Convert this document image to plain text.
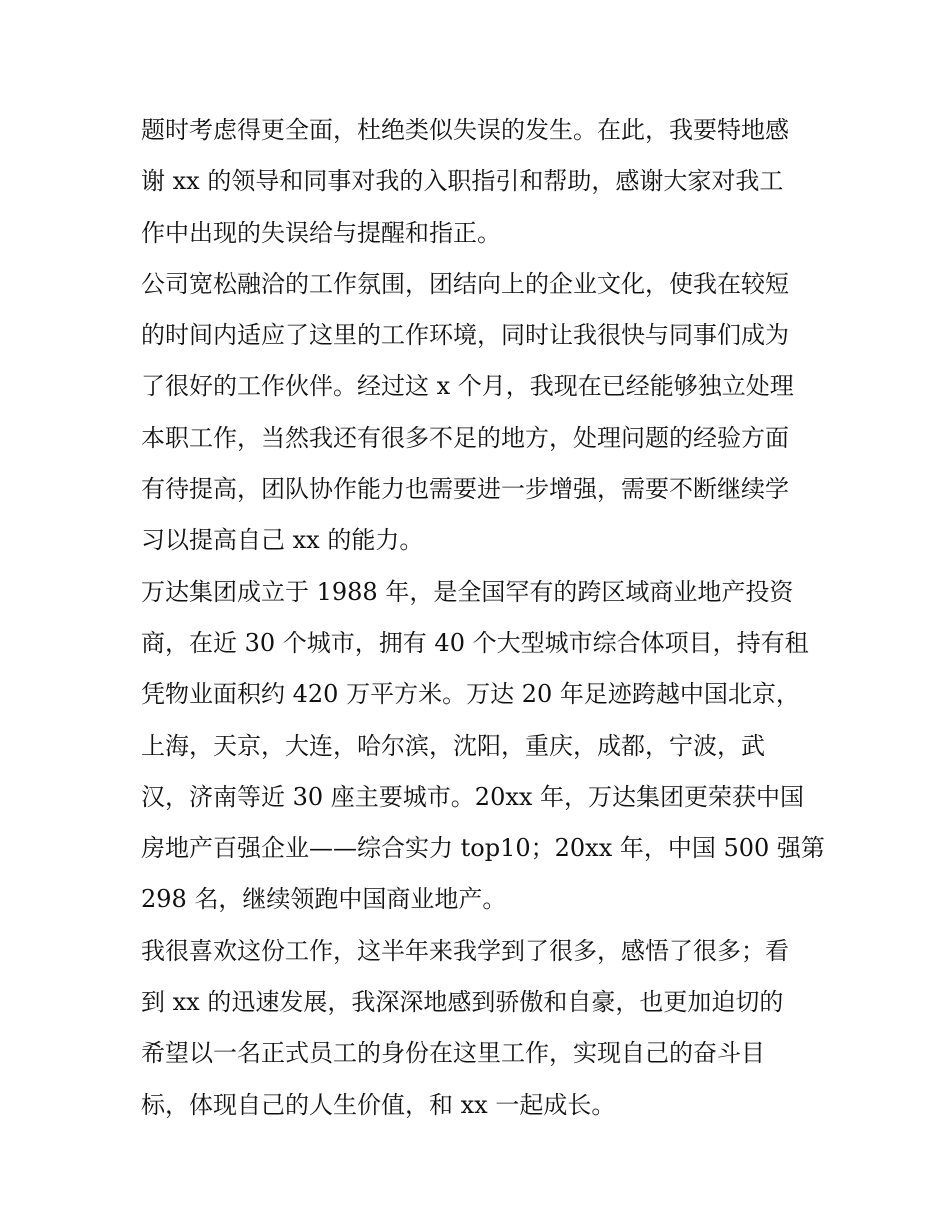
题时考虑得更全面，杜绝类似失误的发生。在此，我要特地感
谢 xx 的领导和同事对我的入职指引和帮助，感谢大家对我工
作中出现的失误给与提醒和指正。
公司宽松融洽的工作氛围，团结向上的企业文化，使我在较短
的时间内适应了这里的工作环境，同时让我很快与同事们成为
了很好的工作伙伴。经过这 x 个月，我现在已经能够独立处理
本职工作，当然我还有很多不足的地方，处理问题的经验方面
有待提高，团队协作能力也需要进一步增强，需要不断继续学
习以提高自己 xx 的能力。
万达集团成立于 1988 年，是全国罕有的跨区域商业地产投资
商，在近 30 个城市，拥有 40 个大型城市综合体项目，持有租
凭物业面积约 420 万平方米。万达 20 年足迹跨越中国北京，
上海，天京，大连，哈尔滨，沈阳，重庆，成都，宁波，武
汉，济南等近 30 座主要城市。20xx 年，万达集团更荣获中国
房地产百强企业——综合实力 top10；20xx 年，中国 500 强第
298 名，继续领跑中国商业地产。
我很喜欢这份工作，这半年来我学到了很多，感悟了很多；看
到 xx 的迅速发展，我深深地感到骄傲和自豪，也更加迫切的
希望以一名正式员工的身份在这里工作，实现自己的奋斗目
标，体现自己的人生价值，和 xx 一起成长。
